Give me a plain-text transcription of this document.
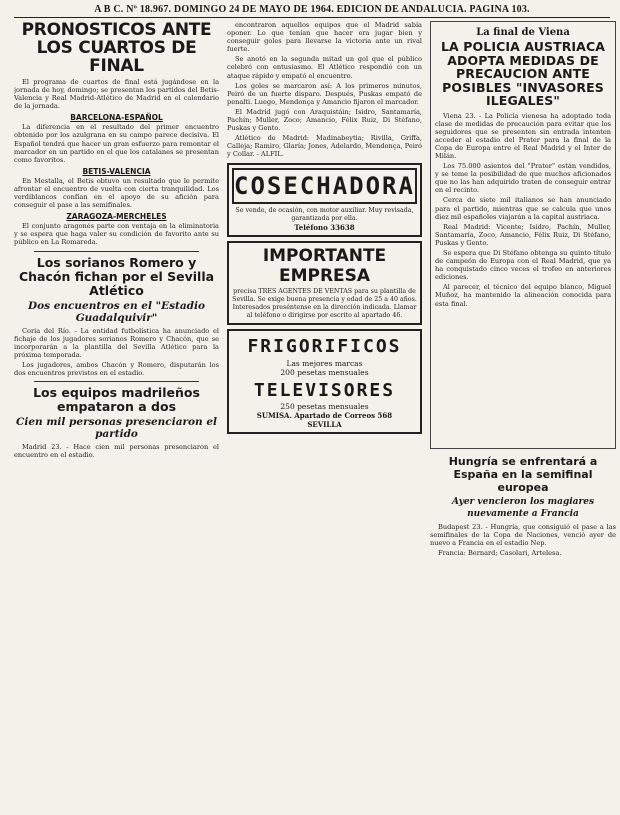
A B C. Nº 18.967. DOMINGO 24 DE MAYO DE 1964. EDICION DE ANDALUCIA. PAGINA 103.
PRONOSTICOS ANTE LOS CUARTOS DE FINAL

El programa de cuartos de final está jugándose en la jornada de hoy, domingo; se presentan los partidos del Betis-Valencia y Real Madrid-Atlético de Madrid en el calendario de la jornada.

BARCELONA-ESPAÑOL

La diferencia en el resultado del primer encuentro obtenido por los azulgrana en su campo parece decisiva. El Español tendrá que hacer un gran esfuerzo para remontar el marcador en un partido en el que los catalanes se presentan como favoritos.

BETIS-VALENCIA

En Mestalla, el Betis obtuvo un resultado que le permite afrontar el encuentro de vuelta con cierta tranquilidad. Los verdiblancos confían en el apoyo de su afición para conseguir el pase a las semifinales.

ZARAGOZA-MERCHELES

El conjunto aragonés parte con ventaja en la eliminatoria y se espera que haga valer su condición de favorito ante su público en La Romareda.

Los sorianos Romero y Chacón fichan por el Sevilla Atlético
Dos encuentros en el "Estadio Guadalquivir"

Coria del Río. - La entidad futbolística ha anunciado el fichaje de los jugadores sorianos Romero y Chacón, que se incorporarán a la plantilla del Sevilla Atlético para la próxima temporada.

Los jugadores, ambos Chacón y Romero, disputarán los dos encuentros previstos en el estadio.

Los equipos madrileños empataron a dos
Cien mil personas presenciaron el partido

Madrid 23. - Hace cien mil personas presenciaron el encuentro en el estadio.

encontraron aquellos equipos que el Madrid sabía oponer. Lo que tenían que hacer era jugar bien y conseguir goles para llevarse la victoria ante un rival fuerte.

Se anotó en la segunda mitad un gol que el público celebró con entusiasmo. El Atlético respondió con un ataque rápido y empató el encuentro.

Los goles se marcaron así: A los primeros minutos, Peiró de un fuerte disparo. Después, Puskas empató de penalti. Luego, Mendonça y Amancio fijaron el marcador.

El Madrid jugó con Araquistáin; Isidro, Santamaría, Pachín; Muller, Zoco; Amancio, Félix Ruiz, Di Stéfano, Puskas y Gento.

Atlético de Madrid: Madinabeytia; Rivilla, Griffa, Calleja; Ramiro, Glaría; Jones, Adelardo, Mendonça, Peiró y Collar. - ALFIL.

COSECHADORA
Se vende, de ocasión, con motor auxiliar. Muy revisada, garantizada por ella.
Teléfono 33638
IMPORTANTE EMPRESA
precisa TRES AGENTES DE VENTAS para su plantilla de Sevilla. Se exige buena presencia y edad de 25 a 40 años. Interesados preséntense en la dirección indicada. Llamar al teléfono o dirigirse por escrito al apartado 46.
FRIGORIFICOS
Las mejores marcas
200 pesetas mensuales
TELEVISORES
250 pesetas mensuales
SUMISA. Apartado de Correos 568
SEVILLA
La final de Viena
LA POLICIA AUSTRIACA ADOPTA MEDIDAS DE PRECAUCION ANTE POSIBLES "INVASORES ILEGALES"

Viena 23. - La Policía vienesa ha adoptado toda clase de medidas de precaución para evitar que los seguidores que se presenten sin entrada intenten acceder al estadio del Prater para la final de la Copa de Europa entre el Real Madrid y el Inter de Milán.

Los 75.000 asientos del "Prater" están vendidos, y se teme la posibilidad de que muchos aficionados que no las han adquirido traten de conseguir entrar en el recinto.

Cerca de siete mil italianos se han anunciado para el partido, mientras que se calcula que unos diez mil españoles viajarán a la capital austriaca.

Real Madrid: Vicente; Isidro, Pachín, Muller, Santamaría, Zoco, Amancio, Félix Ruiz, Di Stéfano, Puskas y Gento.

Se espera que Di Stéfano obtenga su quinto título de campeón de Europa con el Real Madrid, que ya ha conquistado cinco veces el trofeo en anteriores ediciones.

Al parecer, el técnico del equipo blanco, Miguel Muñoz, ha mantenido la alineación conocida para esta final.

Hungría se enfrentará a España en la semifinal europea
Ayer vencieron los magiares nuevamente a Francia

Budapest 23. - Hungría, que consiguió el pase a las semifinales de la Copa de Naciones, venció ayer de nuevo a Francia en el estadio Nep.

Francia: Bernard; Casolari, Artelesa.
